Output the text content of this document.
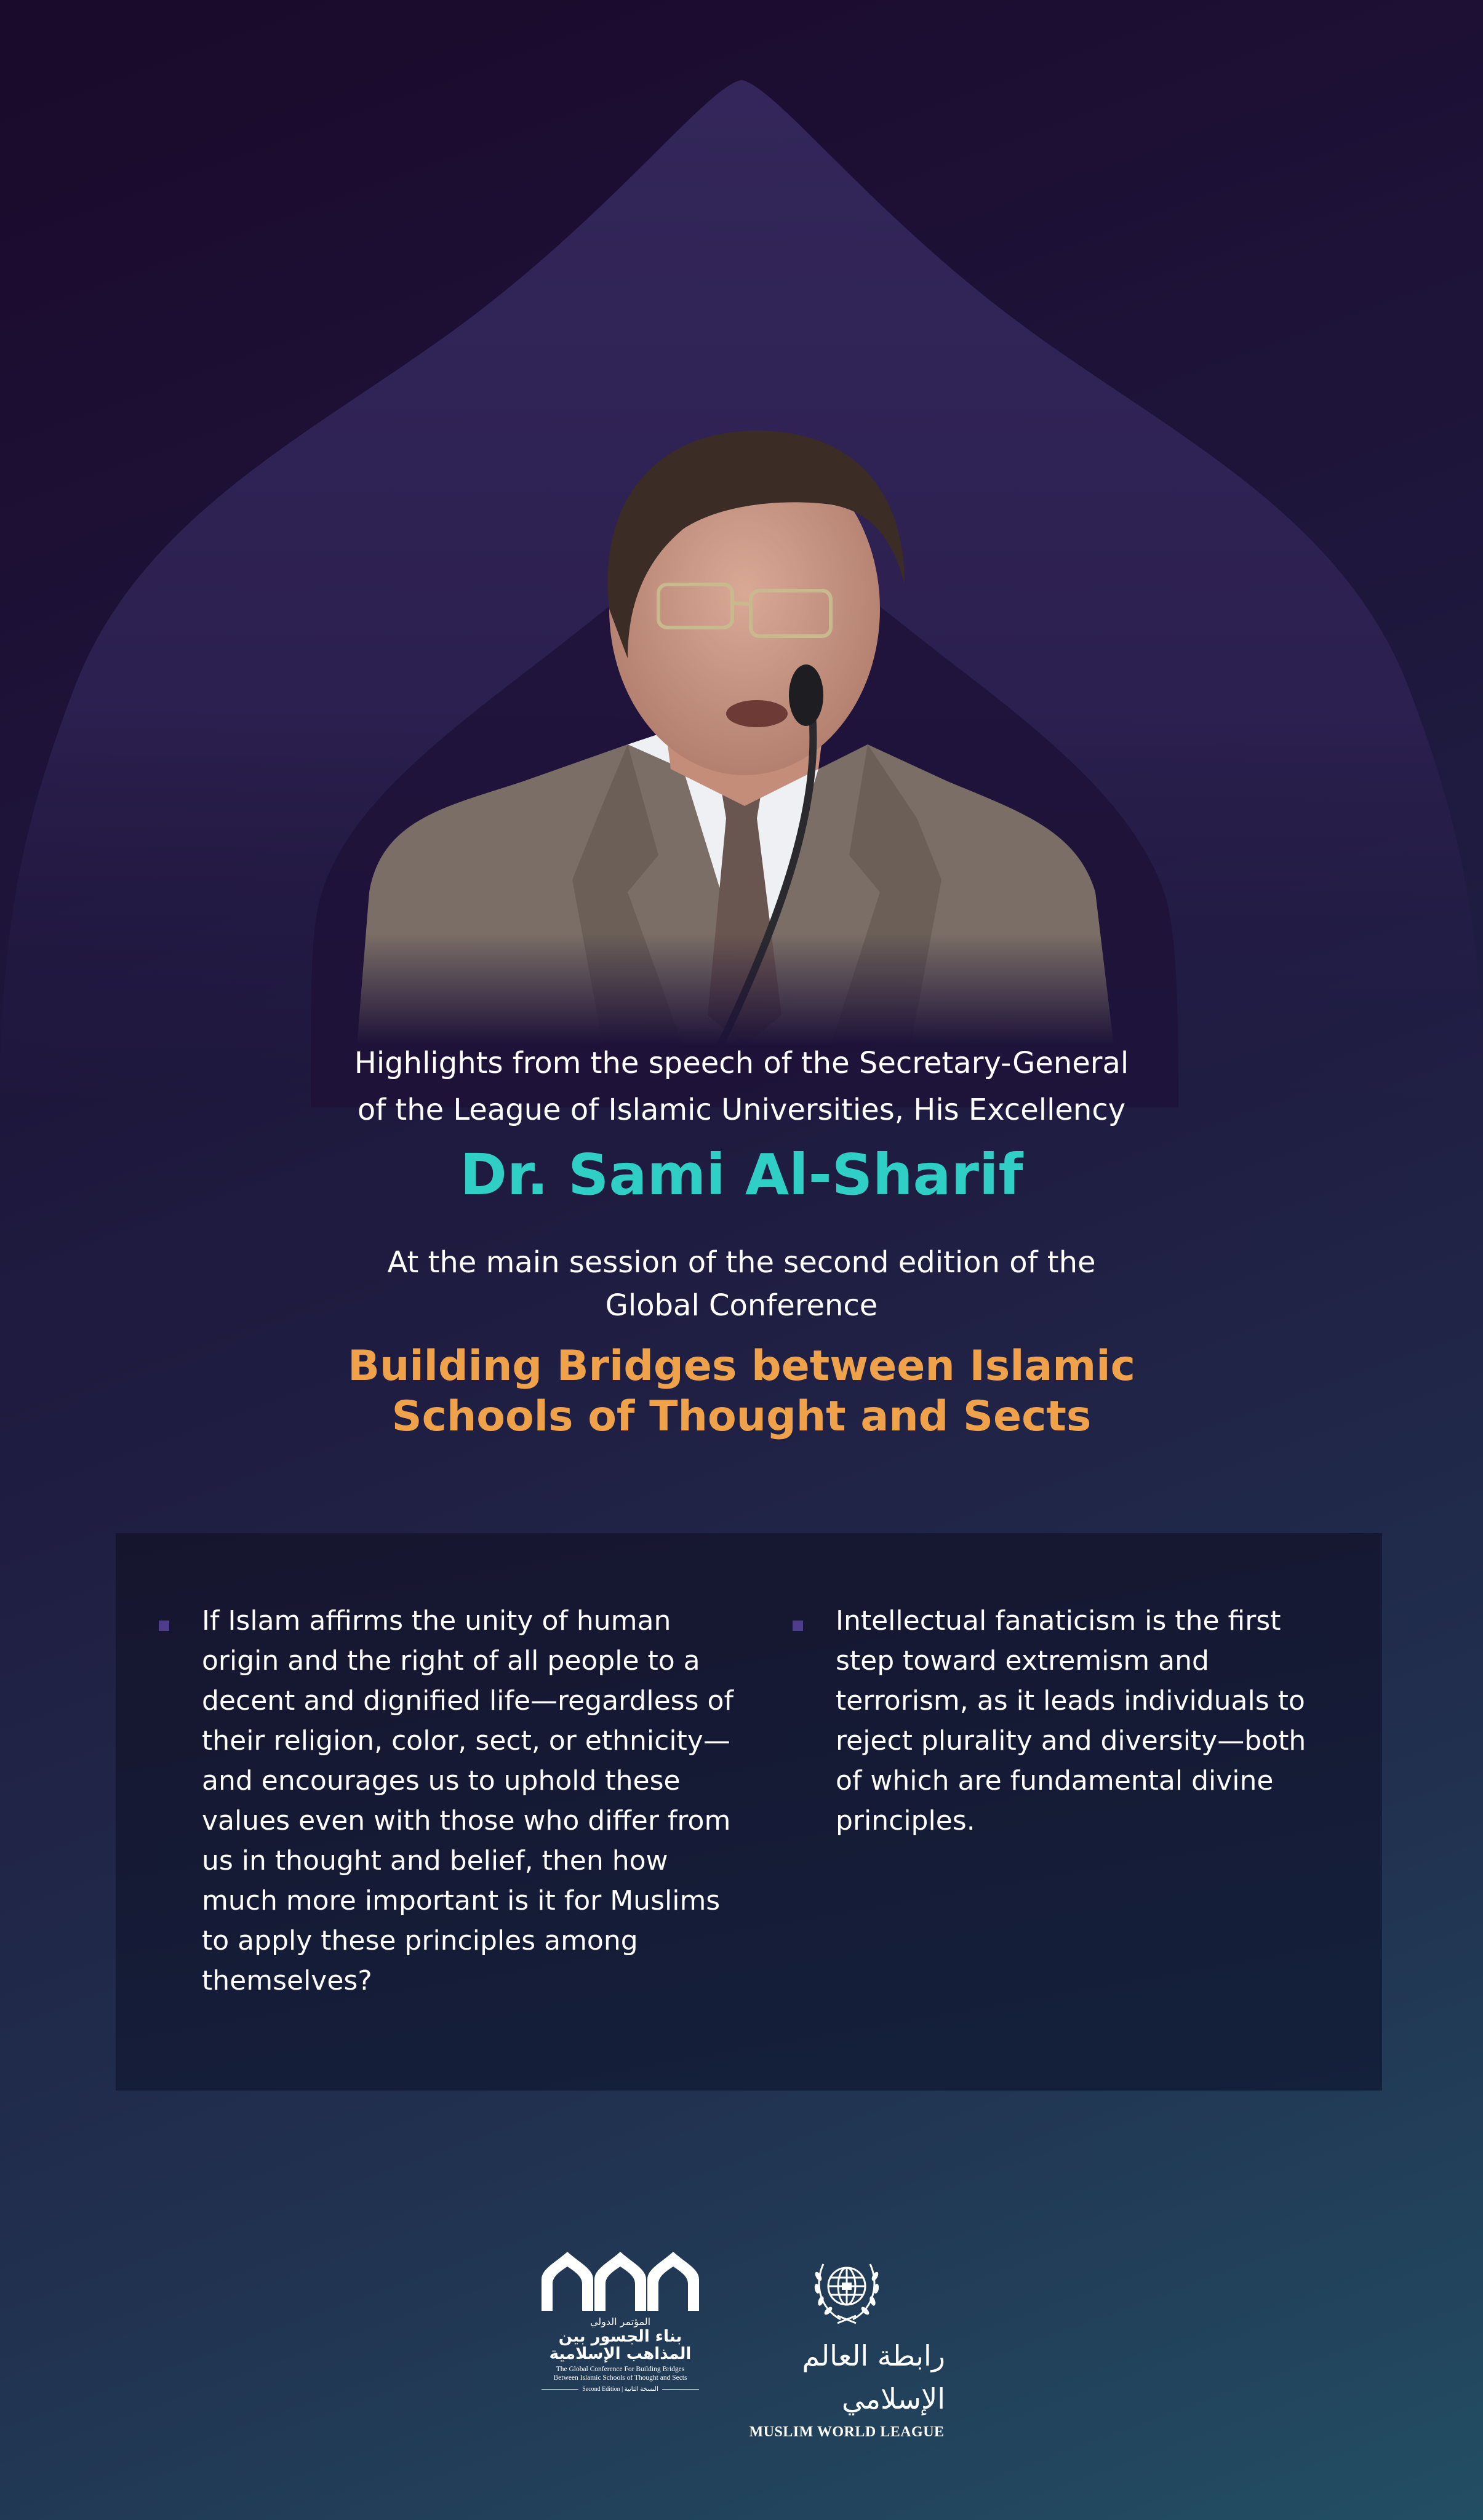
Highlights from the speech of the Secretary-General
of the League of Islamic Universities, His Excellency
Dr. Sami Al-Sharif
At the main session of the second edition of the
Global Conference
Building Bridges between Islamic
Schools of Thought and Sects
If Islam affirms the unity of human origin and the right of all people to a decent and dignified life—regardless of their religion, color, sect, or ethnicity—and encourages us to uphold these values even with those who differ from us in thought and belief, then how much more important is it for Muslims to apply these principles among themselves?
Intellectual fanaticism is the first step toward extremism and terrorism, as it leads individuals to reject plurality and diversity—both of which are fundamental divine principles.
المؤتمر الدولي
بناء الجسور بين
المذاهب الإسلامية
The Global Conference For Building Bridges
Between Islamic Schools of Thought and Sects
Second Edition | النسخة الثانية
رابطة العالم الإسلامي
MUSLIM WORLD LEAGUE
